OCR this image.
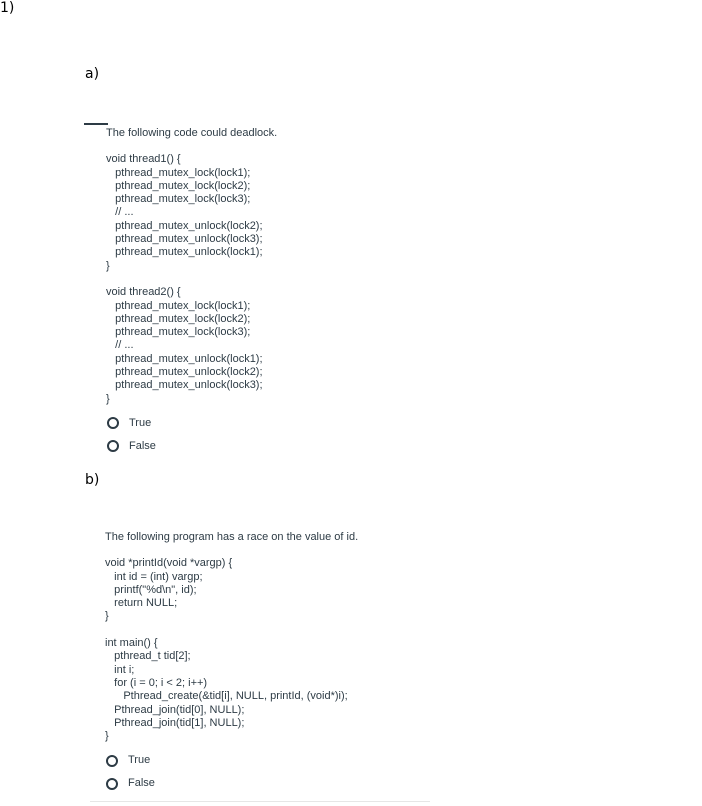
1)
a)
b)
The following code could deadlock.
void thread1() {
pthread_mutex_lock(lock1);
pthread_mutex_lock(lock2);
pthread_mutex_lock(lock3);
// ...
pthread_mutex_unlock(lock2);
pthread_mutex_unlock(lock3);
pthread_mutex_unlock(lock1);
}
void thread2() {
pthread_mutex_lock(lock1);
pthread_mutex_lock(lock2);
pthread_mutex_lock(lock3);
// ...
pthread_mutex_unlock(lock1);
pthread_mutex_unlock(lock2);
pthread_mutex_unlock(lock3);
}
True
False
The following program has a race on the value of id.
void *printId(void *vargp) {
int id = (int) vargp;
printf("%d\n", id);
return NULL;
}
int main() {
pthread_t tid[2];
int i;
for (i = 0; i < 2; i++)
Pthread_create(&tid[i], NULL, printId, (void*)i);
Pthread_join(tid[0], NULL);
Pthread_join(tid[1], NULL);
}
True
False
